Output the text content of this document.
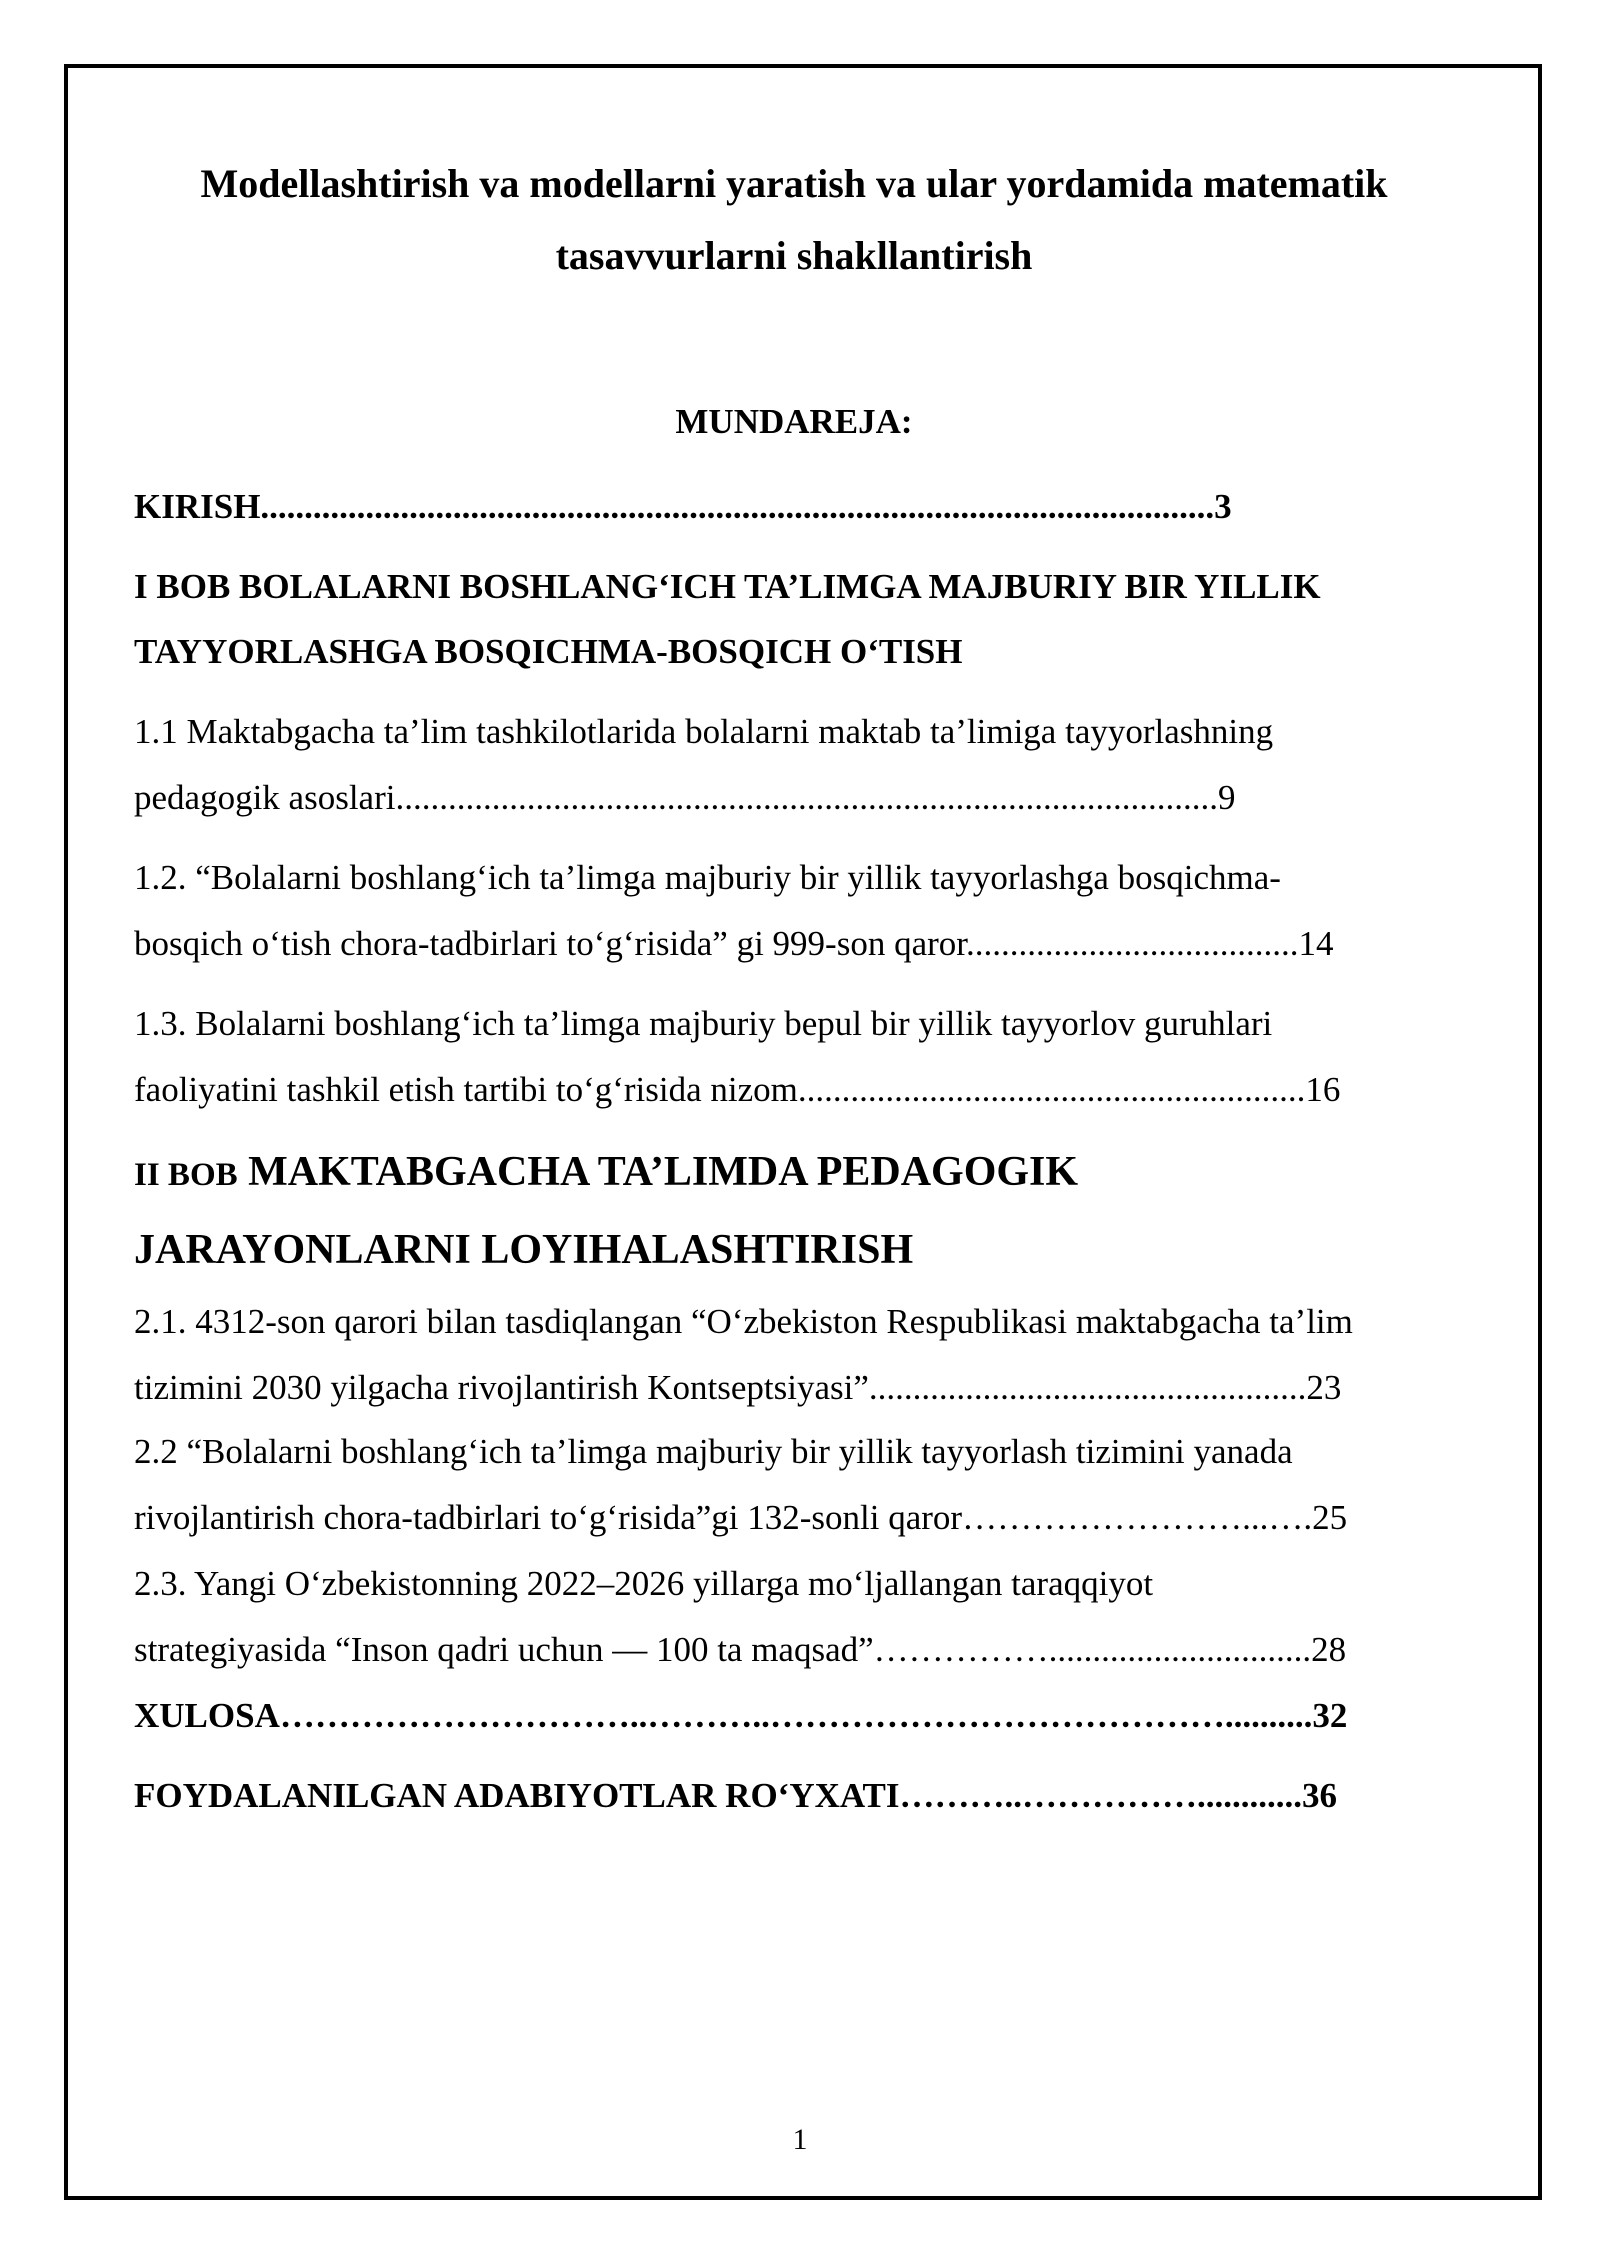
Modellashtirish va modellarni yaratish va ular yordamida matematik
tasavvurlarni shakllantirish
MUNDAREJA:
KIRISH.............................................................................................................3
I BOB BOLALARNI BOSHLANG‘ICH TA’LIMGA MAJBURIY BIR YILLIK
TAYYORLASHGA BOSQICHMA-BOSQICH O‘TISH
1.1 Maktabgacha ta’lim tashkilotlarida bolalarni maktab ta’limiga tayyorlashning
pedagogik asoslari..............................................................................................9
1.2. “Bolalarni boshlang‘ich ta’limga majburiy bir yillik tayyorlashga bosqichma-
bosqich o‘tish chora-tadbirlari to‘g‘risida” gi 999-son qaror......................................14
1.3. Bolalarni boshlang‘ich ta’limga majburiy bepul bir yillik tayyorlov guruhlari
faoliyatini tashkil etish tartibi to‘g‘risida nizom..........................................................16
II BOB MAKTABGACHA TA’LIMDA PEDAGOGIK
JARAYONLARNI LOYIHALASHTIRISH
2.1. 4312-son qarori bilan tasdiqlangan “O‘zbekiston Respublikasi maktabgacha ta’lim
tizimini 2030 yilgacha rivojlantirish Kontseptsiyasi”..................................................23
2.2 “Bolalarni boshlang‘ich ta’limga majburiy bir yillik tayyorlash tizimini yanada
rivojlantirish chora-tadbirlari to‘g‘risida”gi 132-sonli qaror……………………...….25
2.3. Yangi O‘zbekistonning 2022–2026 yillarga mo‘ljallangan taraqqiyot
strategiyasida “Inson qadri uchun — 100 ta maqsad”……………..............................28
XULOSA…………………………..………..…………………………………..........32
FOYDALANILGAN ADABIYOTLAR RO‘YXATI………..……………............36
1
